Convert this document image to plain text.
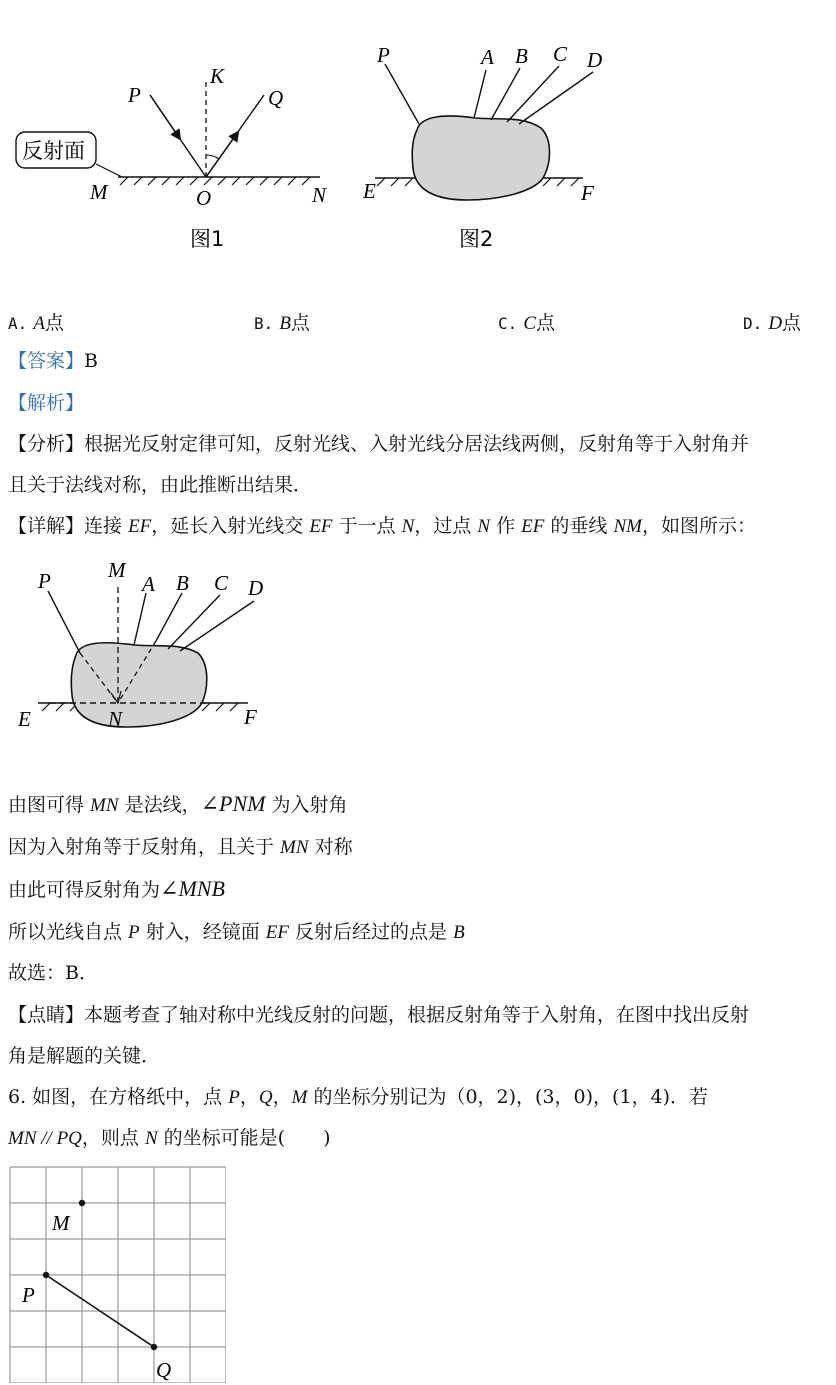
反射面
P
K
Q
M	O	N
图1
P	A B C D
E	F
图2
A. A点	B. B点	C. C点	D. D点
【答案】B
【解析】
【分析】根据光反射定律可知，反射光线、入射光线分居法线两侧，反射角等于入射角并
且关于法线对称，由此推断出结果．
【详解】连接 EF，延长入射光线交 EF 于一点 N，过点 N 作 EF 的垂线 NM，如图所示：
P	M
A B C D
E	N	F
由图可得 MN 是法线，∠PNM 为入射角
因为入射角等于反射角，且关于 MN 对称
由此可得反射角为∠MNB
所以光线自点 P 射入，经镜面 EF 反射后经过的点是 B
故选：B．
【点睛】本题考查了轴对称中光线反射的问题，根据反射角等于入射角，在图中找出反射
角是解题的关键．
6. 如图，在方格纸中，点 P，Q，M 的坐标分别记为（0，2)，(3，0)，(1，4)．若
MN // PQ，则点 N 的坐标可能是(　　)
M
P
Q
